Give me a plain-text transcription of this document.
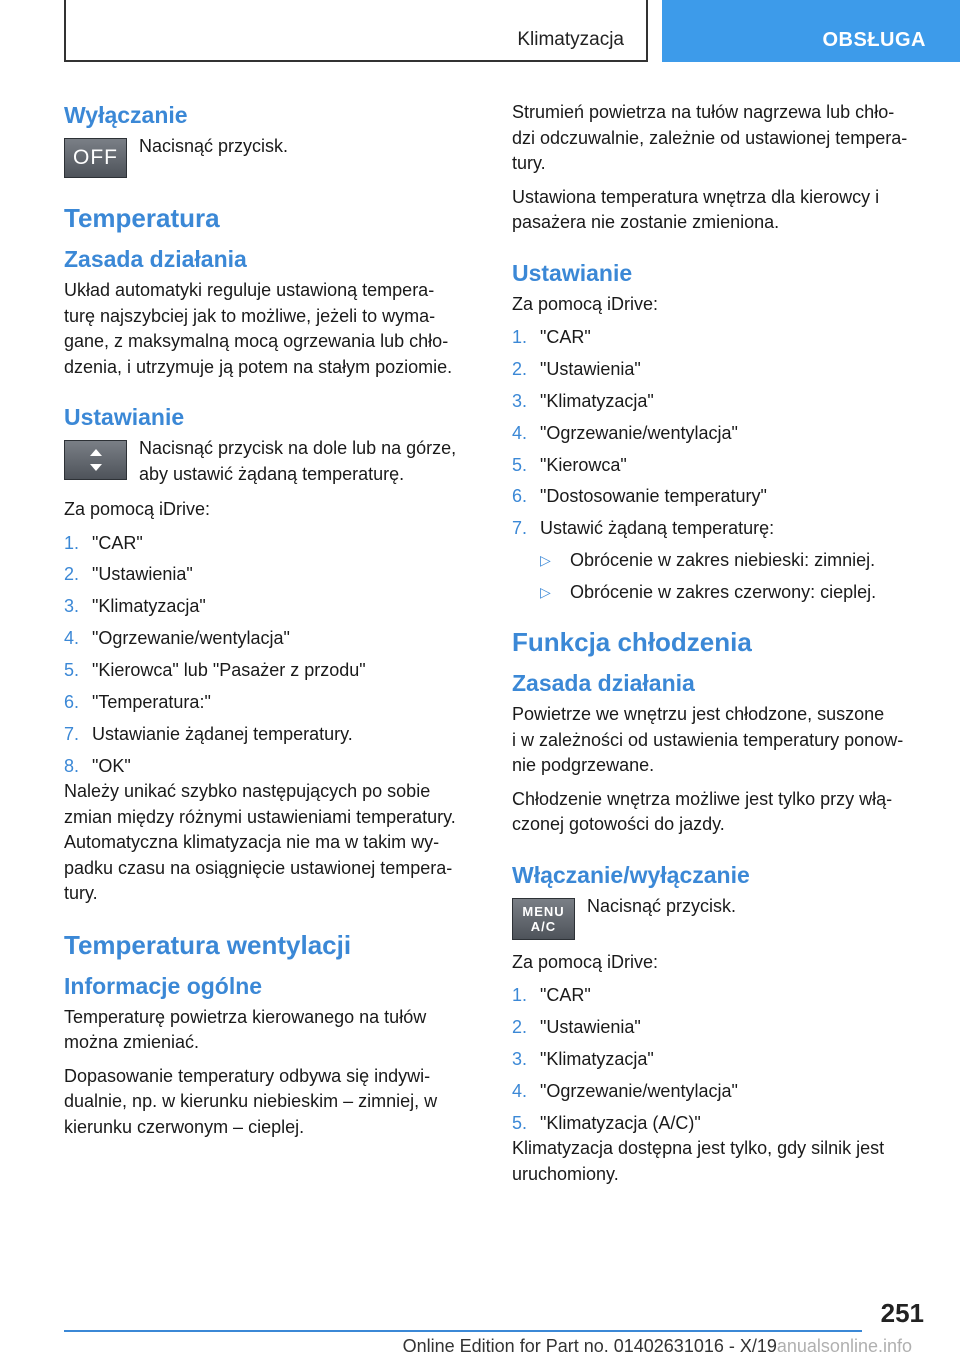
Klimatyzacja	OBSŁUGA
Wyłączanie
OFF	Nacisnąć przycisk.
Temperatura
Zasada działania
Układ automatyki reguluje ustawioną tempera-
turę najszybciej jak to możliwe, jeżeli to wyma-
gane, z maksymalną mocą ogrzewania lub chło-
dzenia, i utrzymuje ją potem na stałym poziomie.
Ustawianie
Nacisnąć przycisk na dole lub na górze,
aby ustawić żądaną temperaturę.
Za pomocą iDrive:
1. "CAR"
2. "Ustawienia"
3. "Klimatyzacja"
4. "Ogrzewanie/wentylacja"
5. "Kierowca" lub "Pasażer z przodu"
6. "Temperatura:"
7. Ustawianie żądanej temperatury.
8. "OK"
Należy unikać szybko następujących po sobie
zmian między różnymi ustawieniami temperatury.
Automatyczna klimatyzacja nie ma w takim wy-
padku czasu na osiągnięcie ustawionej tempera-
tury.
Temperatura wentylacji
Informacje ogólne
Temperaturę powietrza kierowanego na tułów
można zmieniać.
Dopasowanie temperatury odbywa się indywi-
dualnie, np. w kierunku niebieskim – zimniej, w
kierunku czerwonym – cieplej.
Strumień powietrza na tułów nagrzewa lub chło-
dzi odczuwalnie, zależnie od ustawionej tempera-
tury.
Ustawiona temperatura wnętrza dla kierowcy i
pasażera nie zostanie zmieniona.
Ustawianie
Za pomocą iDrive:
1. "CAR"
2. "Ustawienia"
3. "Klimatyzacja"
4. "Ogrzewanie/wentylacja"
5. "Kierowca"
6. "Dostosowanie temperatury"
7. Ustawić żądaną temperaturę:
▷	Obrócenie w zakres niebieski: zimniej.
▷	Obrócenie w zakres czerwony: cieplej.
Funkcja chłodzenia
Zasada działania
Powietrze we wnętrzu jest chłodzone, suszone
i w zależności od ustawienia temperatury ponow-
nie podgrzewane.
Chłodzenie wnętrza możliwe jest tylko przy włą-
czonej gotowości do jazdy.
Włączanie/wyłączanie
MENU
A/C
Nacisnąć przycisk.
Za pomocą iDrive:
1. "CAR"
2. "Ustawienia"
3. "Klimatyzacja"
4. "Ogrzewanie/wentylacja"
5. "Klimatyzacja (A/C)"
Klimatyzacja dostępna jest tylko, gdy silnik jest
uruchomiony.
251
Online Edition for Part no. 01402631016 - X/19anualsonline.info
